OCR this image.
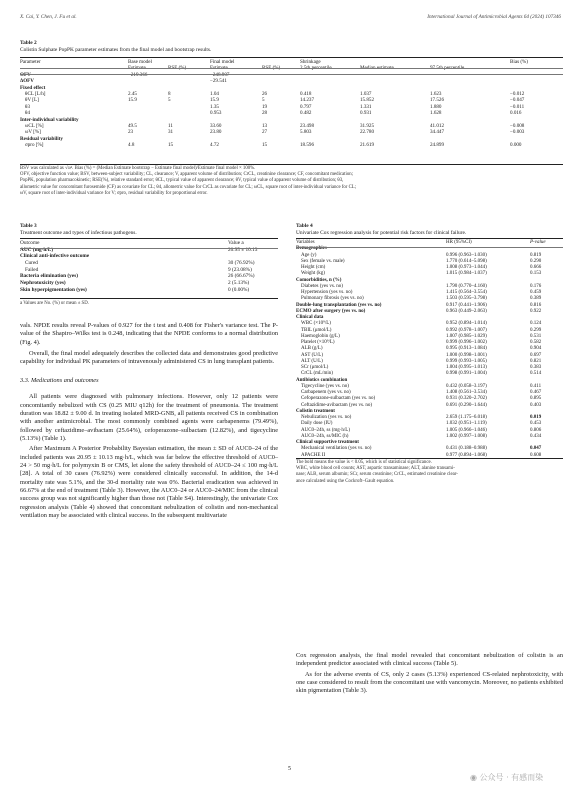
X. Cai, Y. Chen, J. Fu et al.	International Journal of Antimicrobial Agents 64 (2024) 107346
Table 2
Colistin Sulphate PopPK parameter estimates from the final model and bootstrap results.
Parameter	Base model		Final model		Shrinkage			Bias (%)
	Estimate	RSE (%)	Estimate	RSE (%)	2.5th percentile	Median estimate	97.5th percentile	
OFV	−219.366		−248.907					
ΔOFV			−29.541					
Fixed effect								
θCL [L/h]	2.45	8	1.04	26	0.418	1.037	1.623	−0.012
θV [L]	15.9	5	15.9	5	14.237	15.852	17.526	−0.047
θ3			1.35	19	0.797	1.331	1.880	−0.011
θ4			0.953	28	0.482	0.931	1.628	0.016
Inter-individual variability								
ωCL [%]	49.5	11	33.60	13	23.498	31.925	41.012	−0.008
ωV [%]	23	31	23.80	27	5.803	22.780	34.447	−0.003
Residual variability								
σpro [%]	4.8	15	4.72	15	18.596	21.619	24.899	0.000
BSV was calculated as √ω². Bias (%) = (Median Estimate bootstrap − Estimate final model)/Estimate final model × 100%.
OFV, objective function value; BSV, between-subject variability; CL, clearance; V, apparent volume of distribution; CrCL, creatinine clearance; CF, concomitant medication;
PopPK, population pharmacokinetic; RSE(%), relative standard error; θCL, typical value of apparent clearance; θV, typical value of apparent volume of distribution; θ3,
allometric value for concomitant furosemide (CF) as covariate for CL; θ4, allometric value for CrCL as covariate for CL; ωCL, square root of inter-individual variance for CL;
ωV, square root of inter-individual variance for V; σpro, residual variability for proportional error.
Table 3
Treatment outcome and types of infectious pathogens.
Outcome	Value a
AUC (mg·h/L)	20.95 ± 10.13
Clinical anti-infective outcome	
Cured	30 (76.92%)
Failed	9 (23.08%)
Bacteria elimination (yes)	26 (66.67%)
Nephrotoxicity (yes)	2 (5.13%)
Skin hyperpigmentation (yes)	0 (0.00%)
a Values are No. (%) or mean ± SD.

vals. NPDE results reveal P-values of 0.927 for the t test and 0.408 for Fisher's variance test. The P-value of the Shapiro–Wilks test is 0.248, indicating that the NPDE conforms to a normal distribution (Fig. 4).

Overall, the final model adequately describes the collected data and demonstrates good predictive capability for individual PK parameters of intravenously administered CS in lung transplant patients.

3.3. Medications and outcomes

All patients were diagnosed with pulmonary infections. However, only 12 patients were concomitantly nebulized with CS (0.25 MIU q12h) for the treatment of pneumonia. The treatment duration was 18.82 ± 9.00 d. In treating isolated MRD-GNB, all patients received CS in combination with another antimicrobial. The most commonly combined agents were carbapenems (79.49%), followed by ceftazidime–avibactam (25.64%), cefoperazone–sulbactam (12.82%), and tigecycline (5.13%) (Table 1).

After Maximum A Posterior Probability Bayesian estimation, the mean ± SD of AUC0–24 of the included patients was 20.95 ± 10.13 mg·h/L, which was far below the effective threshold of AUC0–24 > 50 mg·h/L for polymyxin B or CMS, let alone the safety threshold of AUC0–24 ≤ 100 mg·h/L [28]. A total of 30 cases (76.92%) were considered clinically successful. In addition, the 14-d mortality rate was 5.1%, and the 30-d mortality rate was 0%. Bacterial eradication was achieved in 66.67% at the end of treatment (Table 3). However, the AUC0–24 or AUC0–24/MIC from the clinical success group was not significantly higher than those not (Table S4). Interestingly, the univariate Cox regression analysis (Table 4) showed that concomitant nebulization of colistin and non-mechanical ventilation may be associated with clinical success. In the subsequent multivariate

Table 4
Univariate Cox regression analysis for potential risk factors for clinical failure.
Variables	HR (95%CI)	P-value
Demographics		
Age (y)	0.996 (0.963–1.030)	0.819
Sex (female vs. male)	1.770 (0.614–5.098)	0.290
Height (cm)	1.008 (0.973–1.044)	0.666
Weight (kg)	1.015 (0.984–1.037)	0.153
Comorbidities, n (%)		
Diabetes (yes vs. no)	1.790 (0.770–4.160)	0.176
Hypertension (yes vs. no)	1.415 (0.564–3.554)	0.459
Pulmonary fibrosis (yes vs. no)	1.503 (0.595–3.798)	0.389
Double-lung transplantation (yes vs. no)	0.917 (0.441–1.906)	0.816
ECMO after surgery (yes vs. no)	0.963 (0.449–2.063)	0.922
Clinical data		
WBC (×10⁹/L)	0.952 (0.894–1.014)	0.124
TBIL (μmol/L)	0.992 (0.978–1.007)	0.299
Haemoglobin (g/L)	1.007 (0.985–1.029)	0.531
Platelet (×10⁹/L)	0.999 (0.996–1.002)	0.582
ALB (g/L)	0.995 (0.913–1.084)	0.904
AST (U/L)	1.000 (0.998–1.001)	0.697
ALT (U/L)	0.999 (0.993–1.005)	0.821
SCr (μmol/L)	1.004 (0.995–1.013)	0.383
CrCL (mL/min)	0.998 (0.991–1.004)	0.514
Antibiotics combination		
Tigecycline (yes vs. no)	0.432 (0.058–3.197)	0.411
Carbapenem (yes vs. no)	1.408 (0.561–3.534)	0.467
Cefoperazone-sulbactam (yes vs. no)	0.931 (0.320–2.702)	0.895
Ceftazidime-avibactam (yes vs. no)	0.691 (0.290–1.644)	0.403
Colistin treatment		
Nebulization (yes vs. no)	2.659 (1.175–6.018)	0.019
Daily dose (IU)	1.032 (0.951–1.119)	0.453
AUC0–24h, ss (mg·h/L)	1.005 (0.966–1.046)	0.806
AUC0–24h, ss/MIC (h)	1.002 (0.997–1.008)	0.434
Clinical supportive treatment		
Mechanical ventilation (yes vs. no)	0.431 (0.188–0.988)	0.047
APACHE II	0.977 (0.894–1.068)	0.608
The bold means the value is < 0.05, which is of statistical significance.
WBC, white blood cell counts; AST, aspartic transaminase; ALT, alanine transami-
nase; ALB, serum albumin; SCr, serum creatinine; CrCL, estimated creatinine clear-
ance calculated using the Cockroft–Gault equation.

Cox regression analysis, the final model revealed that concomitant nebulization of colistin is an independent predictor associated with clinical success (Table 5).

As for the adverse events of CS, only 2 cases (5.13%) experienced CS-related nephrotoxicity, with one case considered to result from the concomitant use with vancomycin. Moreover, no patients exhibited skin pigmentation (Table 3).

5
◉ 公众号 · 有感而染
